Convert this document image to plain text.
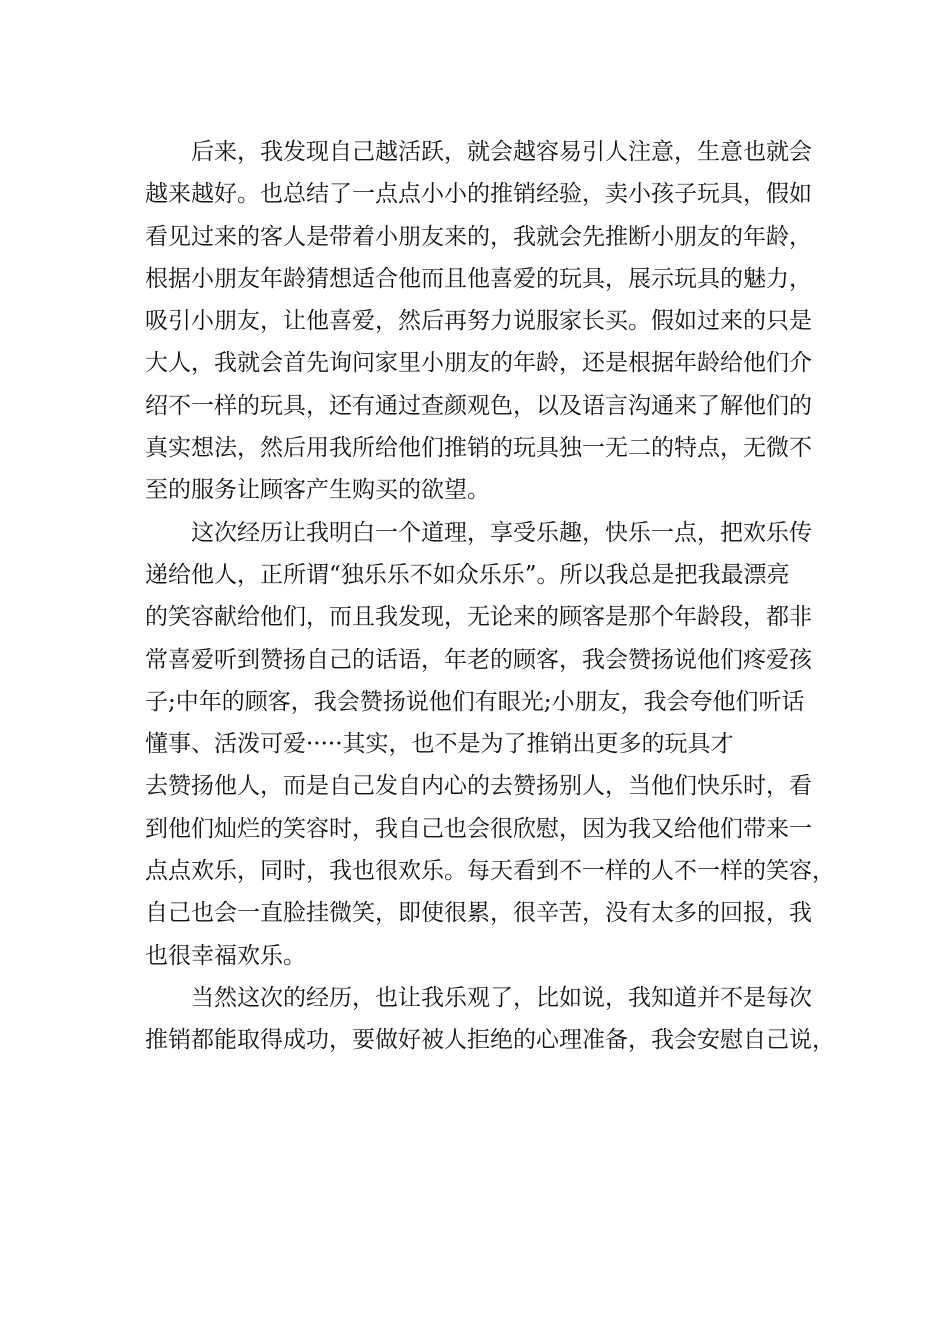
后来，我发现自己越活跃，就会越容易引人注意，生意也就会
越来越好。也总结了一点点小小的推销经验，卖小孩子玩具，假如
看见过来的客人是带着小朋友来的，我就会先推断小朋友的年龄，
根据小朋友年龄猜想适合他而且他喜爱的玩具，展示玩具的魅力，
吸引小朋友，让他喜爱，然后再努力说服家长买。假如过来的只是
大人，我就会首先询问家里小朋友的年龄，还是根据年龄给他们介
绍不一样的玩具，还有通过查颜观色，以及语言沟通来了解他们的
真实想法，然后用我所给他们推销的玩具独一无二的特点，无微不
至的服务让顾客产生购买的欲望。
这次经历让我明白一个道理，享受乐趣，快乐一点，把欢乐传
递给他人，正所谓“独乐乐不如众乐乐”。所以我总是把我最漂亮
的笑容献给他们，而且我发现，无论来的顾客是那个年龄段，都非
常喜爱听到赞扬自己的话语，年老的顾客，我会赞扬说他们疼爱孩
子;中年的顾客，我会赞扬说他们有眼光;小朋友，我会夸他们听话
懂事、活泼可爱·····其实，也不是为了推销出更多的玩具才
去赞扬他人，而是自己发自内心的去赞扬别人，当他们快乐时，看
到他们灿烂的笑容时，我自己也会很欣慰，因为我又给他们带来一
点点欢乐，同时，我也很欢乐。每天看到不一样的人不一样的笑容，
自己也会一直脸挂微笑，即使很累，很辛苦，没有太多的回报，我
也很幸福欢乐。
当然这次的经历，也让我乐观了，比如说，我知道并不是每次
推销都能取得成功，要做好被人拒绝的心理准备，我会安慰自己说，
